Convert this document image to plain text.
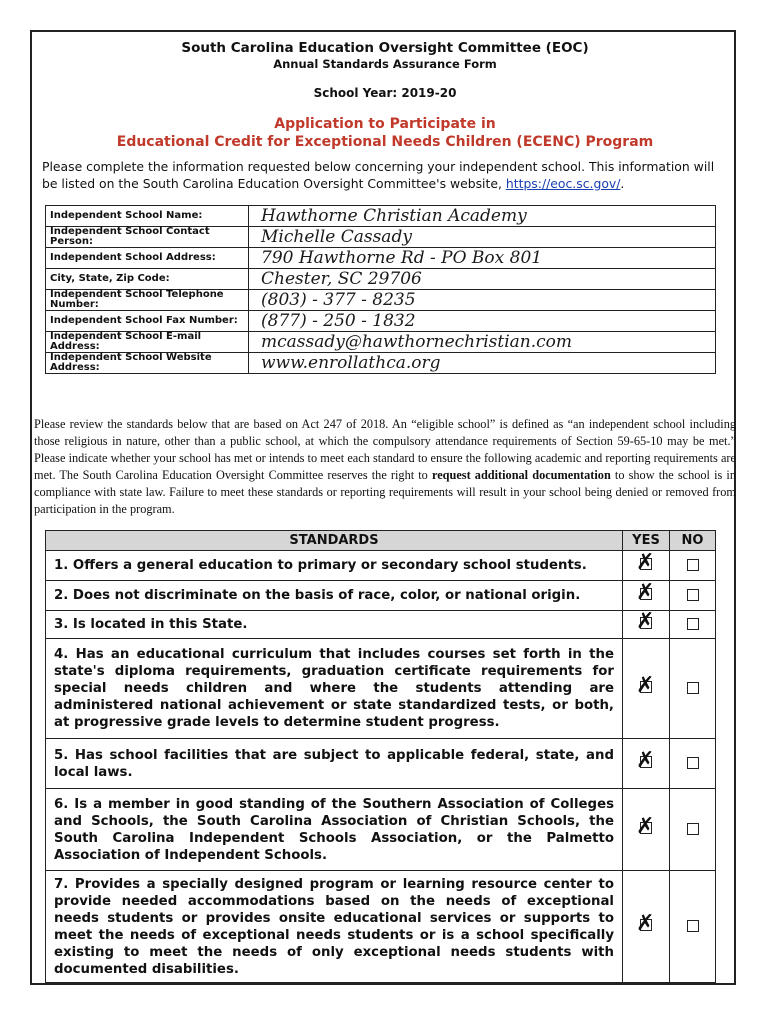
South Carolina Education Oversight Committee (EOC)
Annual Standards Assurance Form
School Year: 2019-20
Application to Participate in
Educational Credit for Exceptional Needs Children (ECENC) Program
Please complete the information requested below concerning your independent school. This information will be listed on the South Carolina Education Oversight Committee's website, https://eoc.sc.gov/.
Independent School Name:	Hawthorne Christian Academy
Independent School Contact Person:	Michelle Cassady
Independent School Address:	790 Hawthorne Rd - PO Box 801
City, State, Zip Code:	Chester, SC 29706
Independent School Telephone Number:	(803) - 377 - 8235
Independent School Fax Number:	(877) - 250 - 1832
Independent School E-mail Address:	mcassady@hawthornechristian.com
Independent School Website Address:	www.enrollathca.org
Please review the standards below that are based on Act 247 of 2018. An “eligible school” is defined as “an independent school including those religious in nature, other than a public school, at which the compulsory attendance requirements of Section 59-65-10 may be met.” Please indicate whether your school has met or intends to meet each standard to ensure the following academic and reporting requirements are met. The South Carolina Education Oversight Committee reserves the right to request additional documentation to show the school is in compliance with state law. Failure to meet these standards or reporting requirements will result in your school being denied or removed from participation in the program.
STANDARDS	YES	NO
1. Offers a general education to primary or secondary school students.	✗	

2. Does not discriminate on the basis of race, color, or national origin.	✗	

3. Is located in this State.	✗	

4. Has an educational curriculum that includes courses set forth in the state's diploma requirements, graduation certificate requirements for special needs children and where the students attending are administered national achievement or state standardized tests, or both, at progressive grade levels to determine student progress.	✗	

5. Has school facilities that are subject to applicable federal, state, and local laws.	✗	

6. Is a member in good standing of the Southern Association of Colleges and Schools, the South Carolina Association of Christian Schools, the South Carolina Independent Schools Association, or the Palmetto Association of Independent Schools.	✗	

7. Provides a specially designed program or learning resource center to provide needed accommodations based on the needs of exceptional needs students or provides onsite educational services or supports to meet the needs of exceptional needs students or is a school specifically existing to meet the needs of only exceptional needs students with documented disabilities.	✗	
